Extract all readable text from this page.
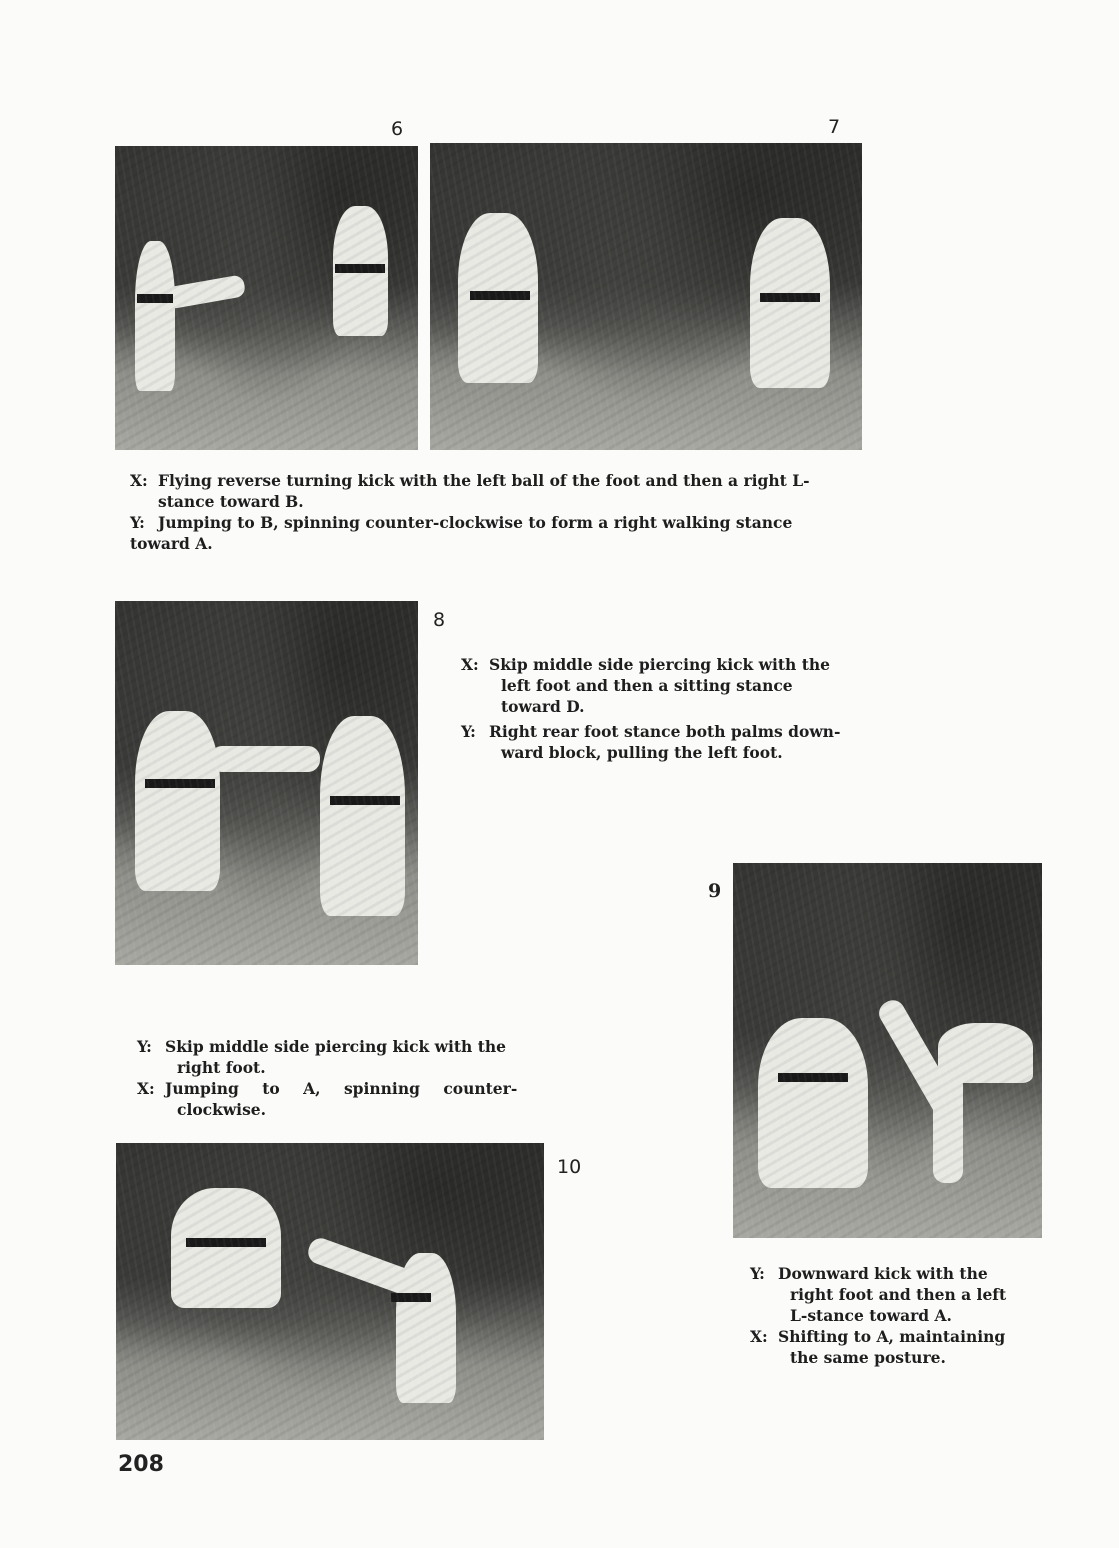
6	7
X: Flying reverse turning kick with the left ball of the foot and then a right L-
stance toward B.
Y: Jumping to B, spinning counter-clockwise to form a right walking stance
toward A.
8
X: Skip middle side piercing kick with the
left foot and then a sitting stance
toward D.
Y: Right rear foot stance both palms down-
ward block, pulling the left foot.
9
Y: Skip middle side piercing kick with the
right foot.
X: Jumping to A, spinning counter-
clockwise.
10
Y: Downward kick with the
right foot and then a left
L-stance toward A.
X: Shifting to A, maintaining
the same posture.
208
